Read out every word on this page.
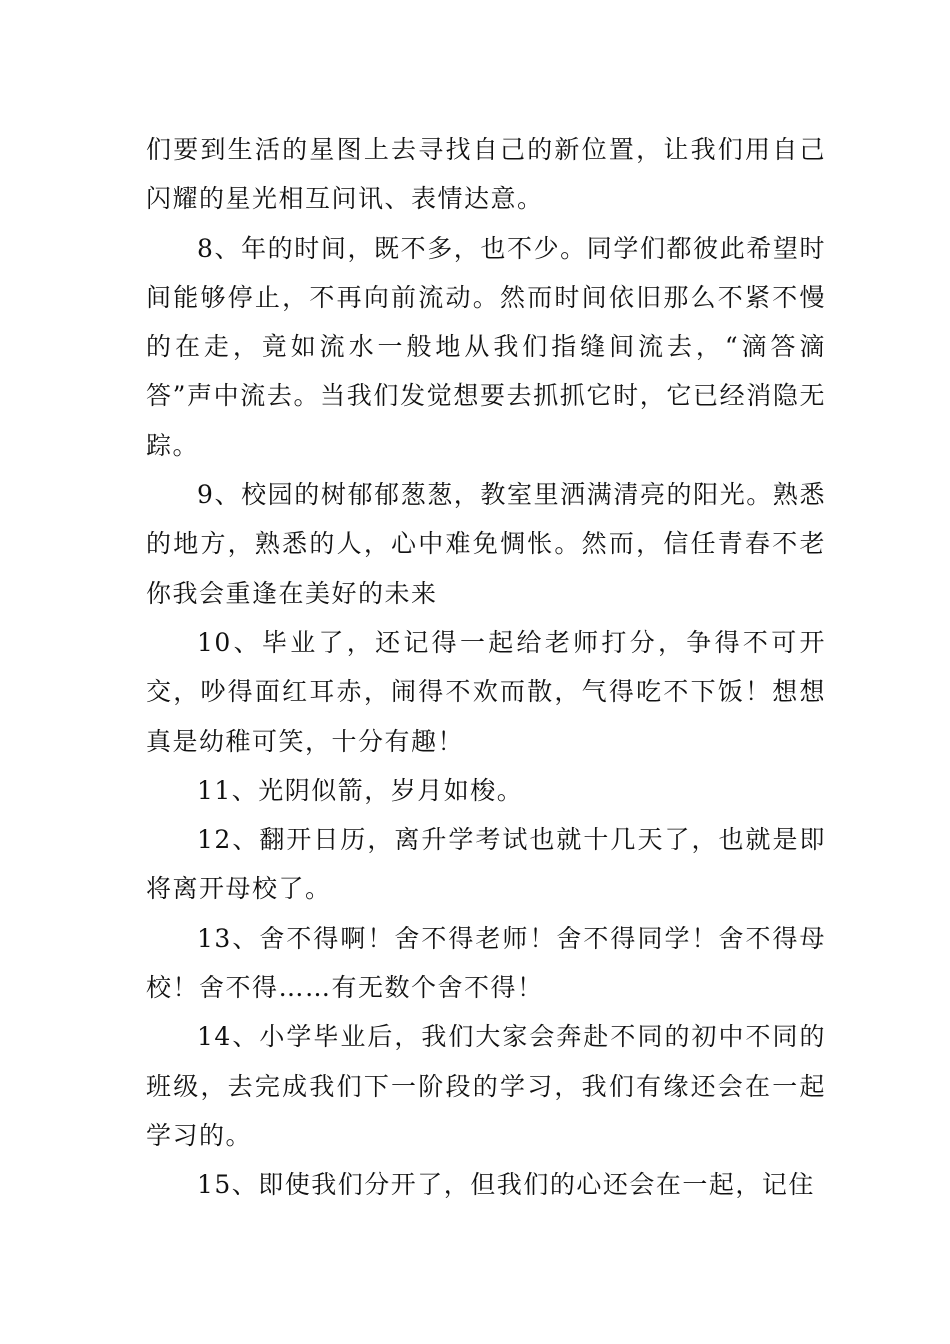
们要到生活的星图上去寻找自己的新位置，让我们用自己闪耀的星光相互问讯、表情达意。

8、年的时间，既不多，也不少。同学们都彼此希望时间能够停止，不再向前流动。然而时间依旧那么不紧不慢的在走，竟如流水一般地从我们指缝间流去，“滴答滴答”声中流去。当我们发觉想要去抓抓它时，它已经消隐无踪。

9、校园的树郁郁葱葱，教室里洒满清亮的阳光。熟悉的地方，熟悉的人，心中难免惆怅。然而，信任青春不老你我会重逢在美好的未来

10、毕业了，还记得一起给老师打分，争得不可开交，吵得面红耳赤，闹得不欢而散，气得吃不下饭！想想真是幼稚可笑，十分有趣！

11、光阴似箭，岁月如梭。

12、翻开日历，离升学考试也就十几天了，也就是即将离开母校了。

13、舍不得啊！舍不得老师！舍不得同学！舍不得母校！舍不得……有无数个舍不得！

14、小学毕业后，我们大家会奔赴不同的初中不同的班级，去完成我们下一阶段的学习，我们有缘还会在一起学习的。

15、即使我们分开了，但我们的心还会在一起，记住
